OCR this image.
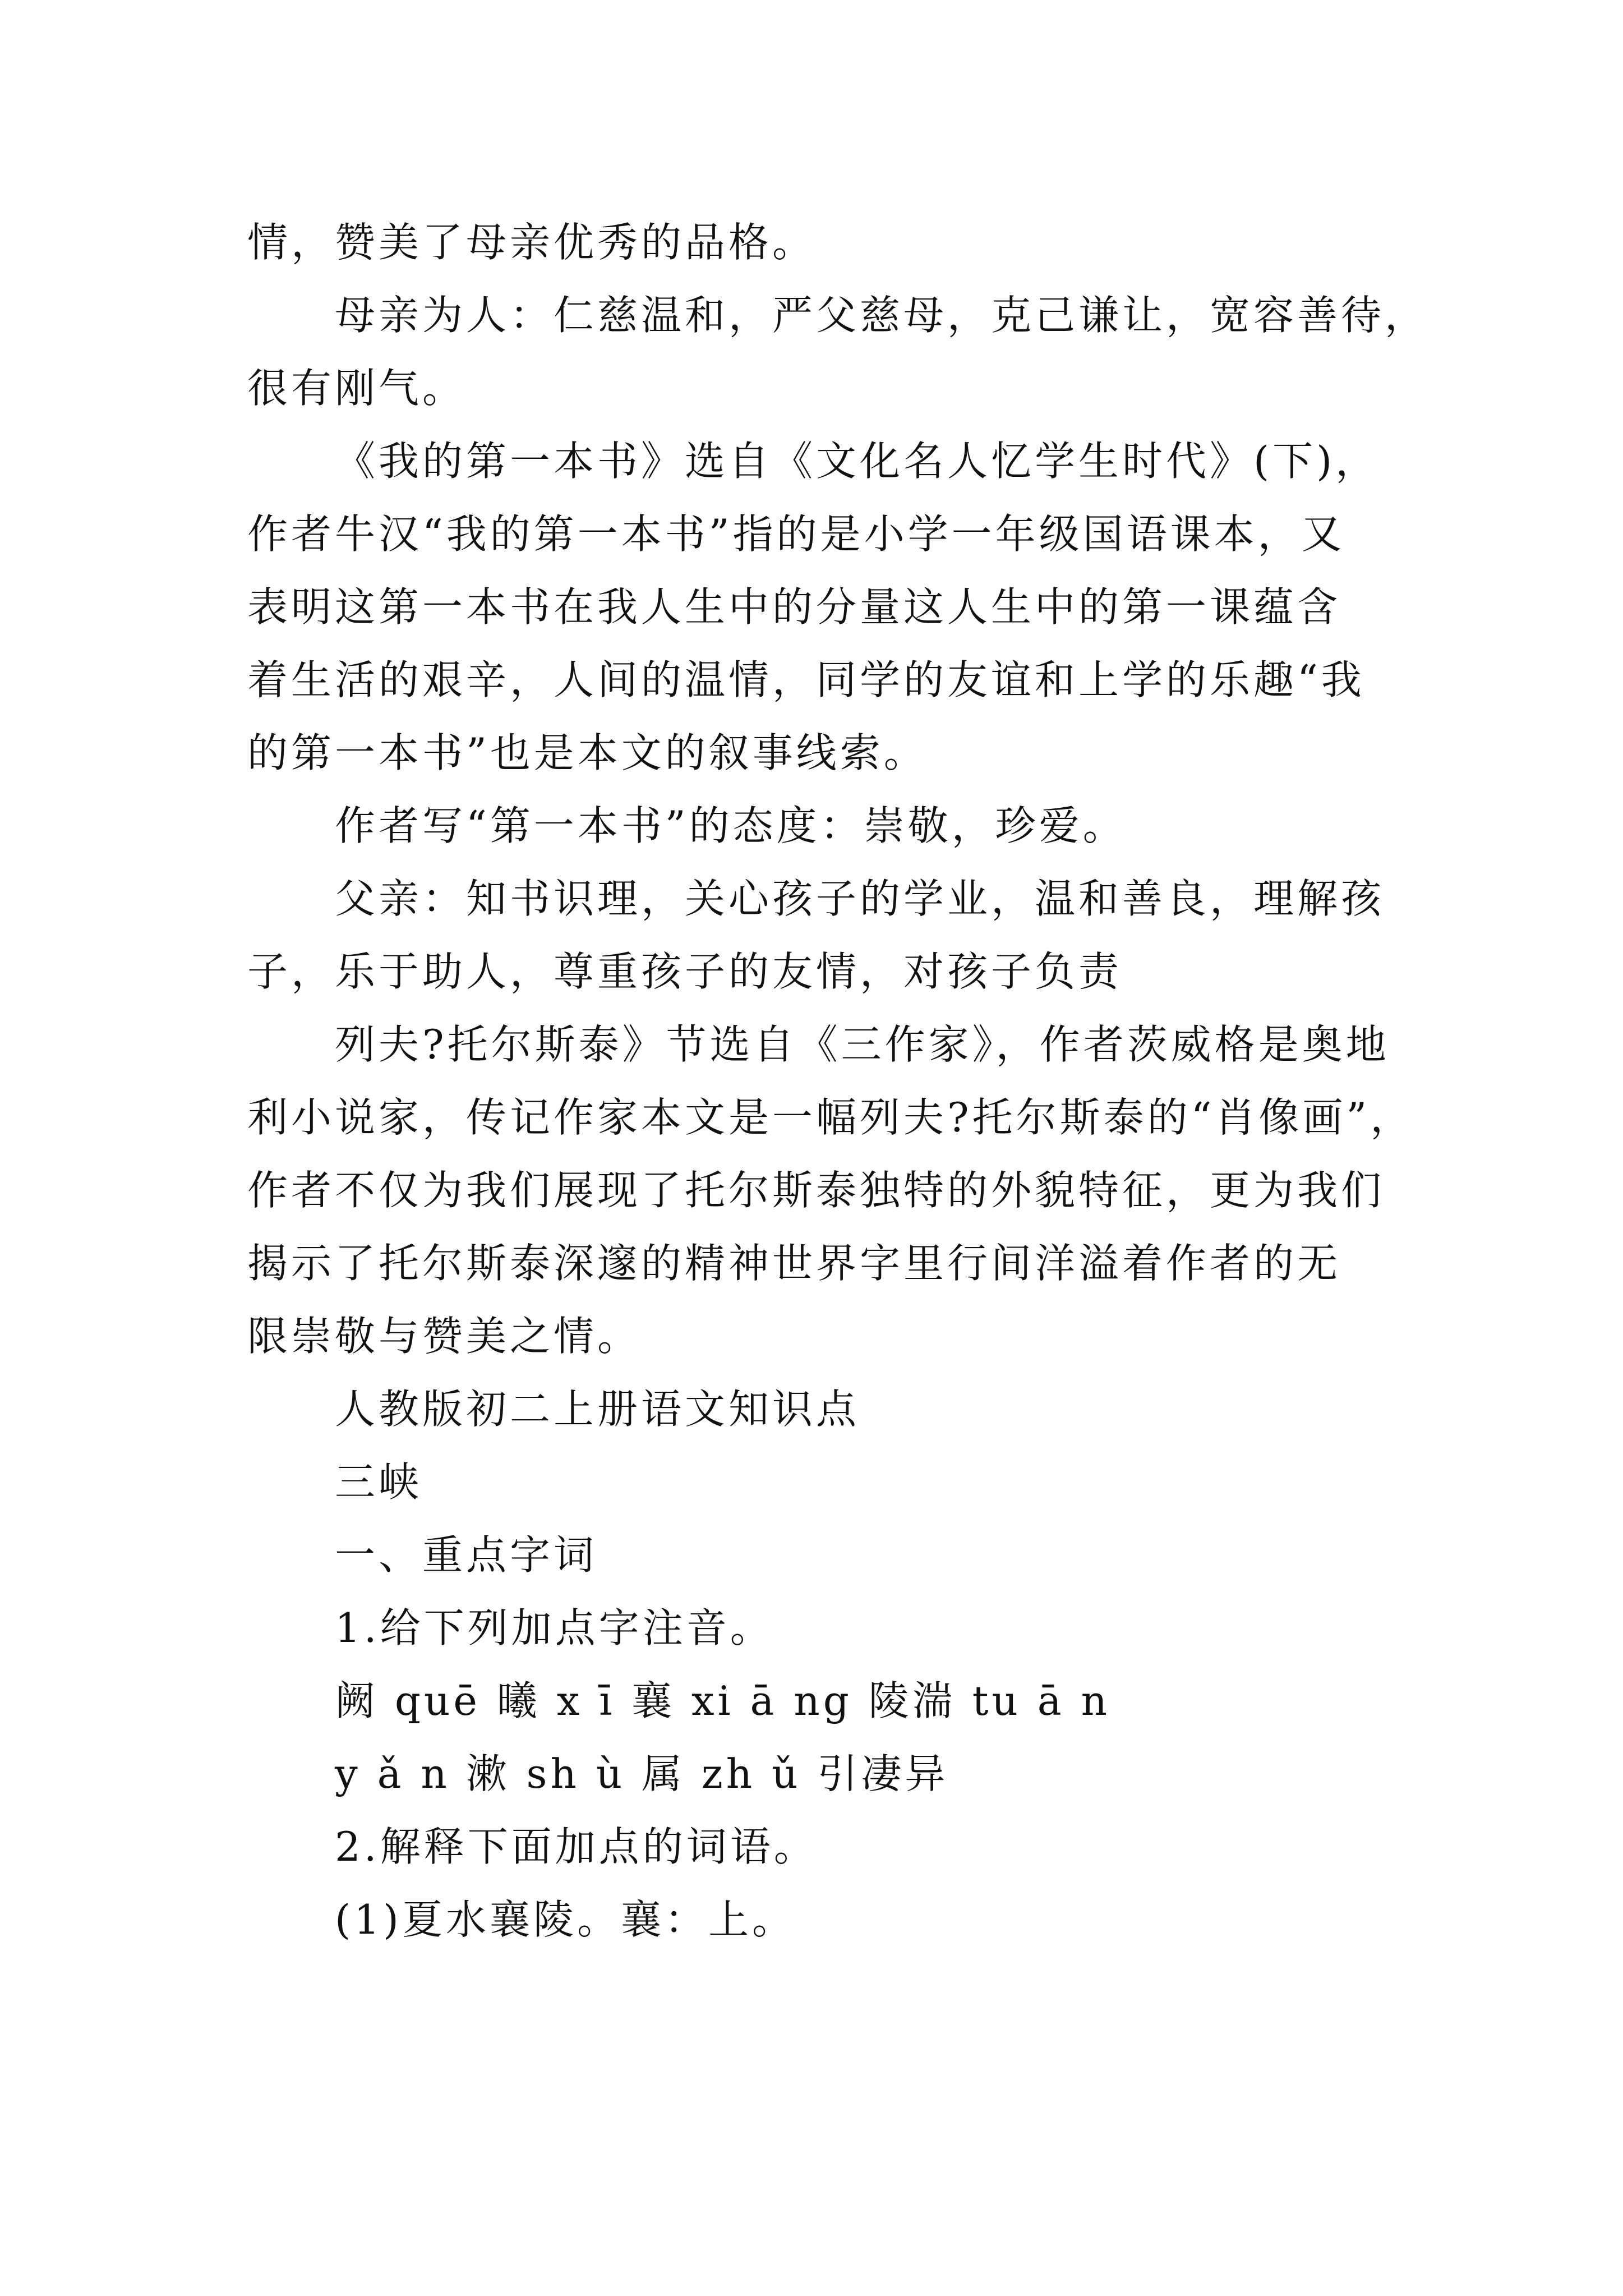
情，赞美了母亲优秀的品格。
母亲为人：仁慈温和，严父慈母，克己谦让，宽容善待，
很有刚气。
《我的第一本书》选自《文化名人忆学生时代》(下)，
作者牛汉“我的第一本书”指的是小学一年级国语课本，又
表明这第一本书在我人生中的分量这人生中的第一课蕴含
着生活的艰辛，人间的温情，同学的友谊和上学的乐趣“我
的第一本书”也是本文的叙事线索。
作者写“第一本书”的态度：崇敬，珍爱。
父亲：知书识理，关心孩子的学业，温和善良，理解孩
子，乐于助人，尊重孩子的友情，对孩子负责
列夫?托尔斯泰》节选自《三作家》，作者茨威格是奥地
利小说家，传记作家本文是一幅列夫?托尔斯泰的“肖像画”，
作者不仅为我们展现了托尔斯泰独特的外貌特征，更为我们
揭示了托尔斯泰深邃的精神世界字里行间洋溢着作者的无
限崇敬与赞美之情。
人教版初二上册语文知识点
三峡
一、重点字词
1.给下列加点字注音。
阙 quē 曦 x ī 襄 xi ā ng 陵湍 tu ā n
y ǎ n 漱 sh ù 属 zh ǔ 引凄异
2.解释下面加点的词语。
(1)夏水襄陵。襄：上。
